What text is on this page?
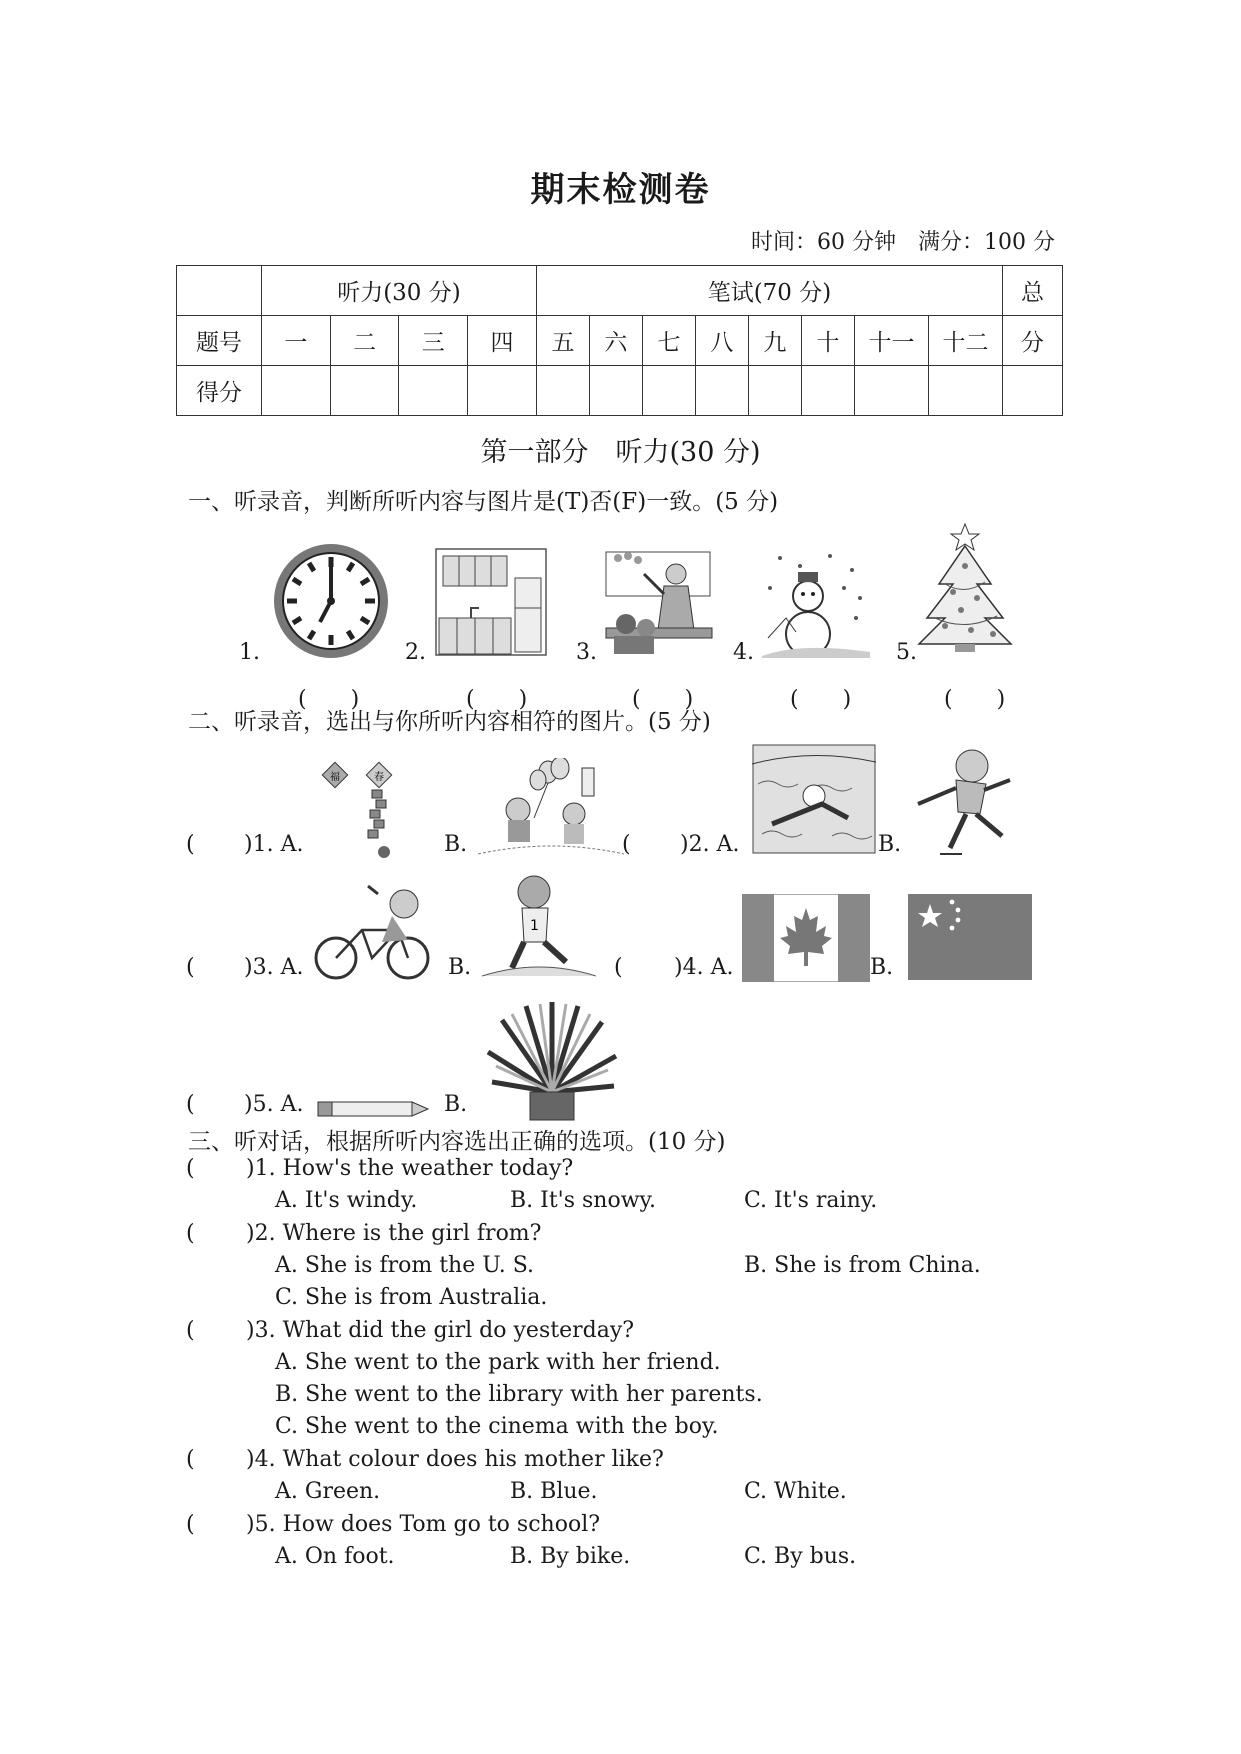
期末检测卷
时间：60 分钟　满分：100 分
	听力(30 分)				笔试(70 分)								总
题号	一	二	三	四	五	六	七	八	九	十	十一	十二	分
得分													
第一部分　听力(30 分)
一、听录音，判断所听内容与图片是(T)否(F)一致。(5 分)
1.	2.	3.	4.	5.
(　　)	(　　)	(　　)	(　　)	(　　)
二、听录音，选出与你所听内容相符的图片。(5 分)
( )1. A.
福	春
B.	( )2. A.	B.
( )3. A.	B.
1
( )4. A.	B.
( )5. A.	B.
三、听对话，根据所听内容选出正确的选项。(10 分)
( )1. How's the weather today?
A. It's windy.	B. It's snowy.	C. It's rainy.
( )2. Where is the girl from?
A. She is from the U. S.	B. She is from China.
C. She is from Australia.
( )3. What did the girl do yesterday?
A. She went to the park with her friend.
B. She went to the library with her parents.
C. She went to the cinema with the boy.
( )4. What colour does his mother like?
A. Green.	B. Blue.	C. White.
( )5. How does Tom go to school?
A. On foot.	B. By bike.	C. By bus.
